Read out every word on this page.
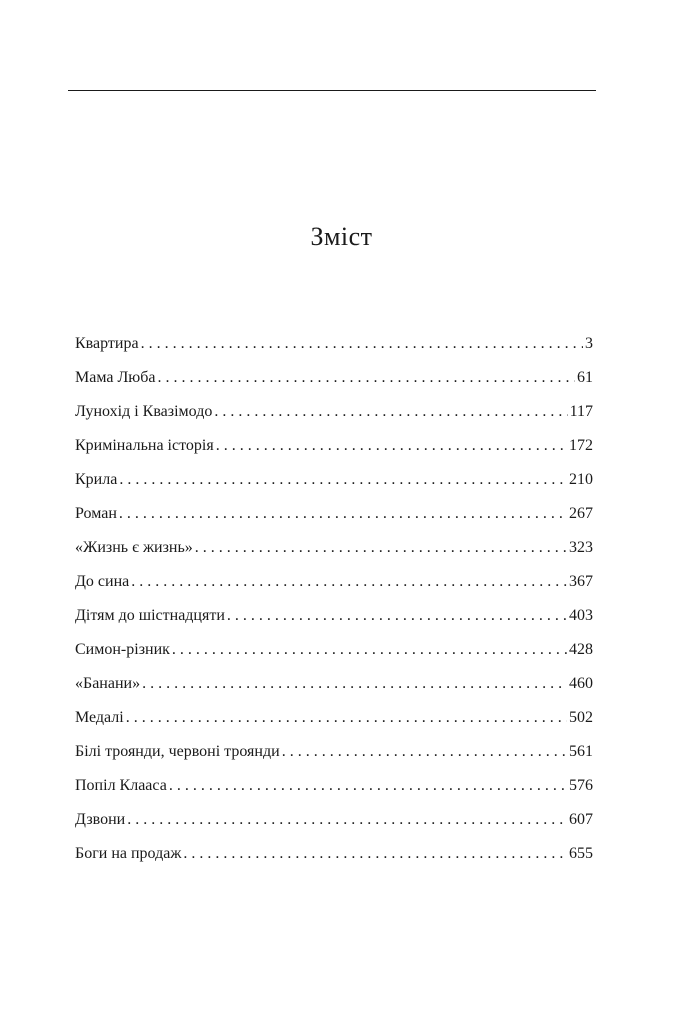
Зміст
Квартира . . .	3
Мама Люба . . .	61
Лунохід і Квазімодо . . .	117
Кримінальна історія . . .	172
Крила . . .	210
Роман . . .	267
«Жизнь є жизнь» . . .	323
До сина . . .	367
Дітям до шістнадцяти . . .	403
Симон-різник . . .	428
«Банани» . . .	460
Медалі . . .	502
Білі троянди, червоні троянди . . .	561
Попіл Клааса . . .	576
Дзвони . . .	607
Боги на продаж . . .	655
